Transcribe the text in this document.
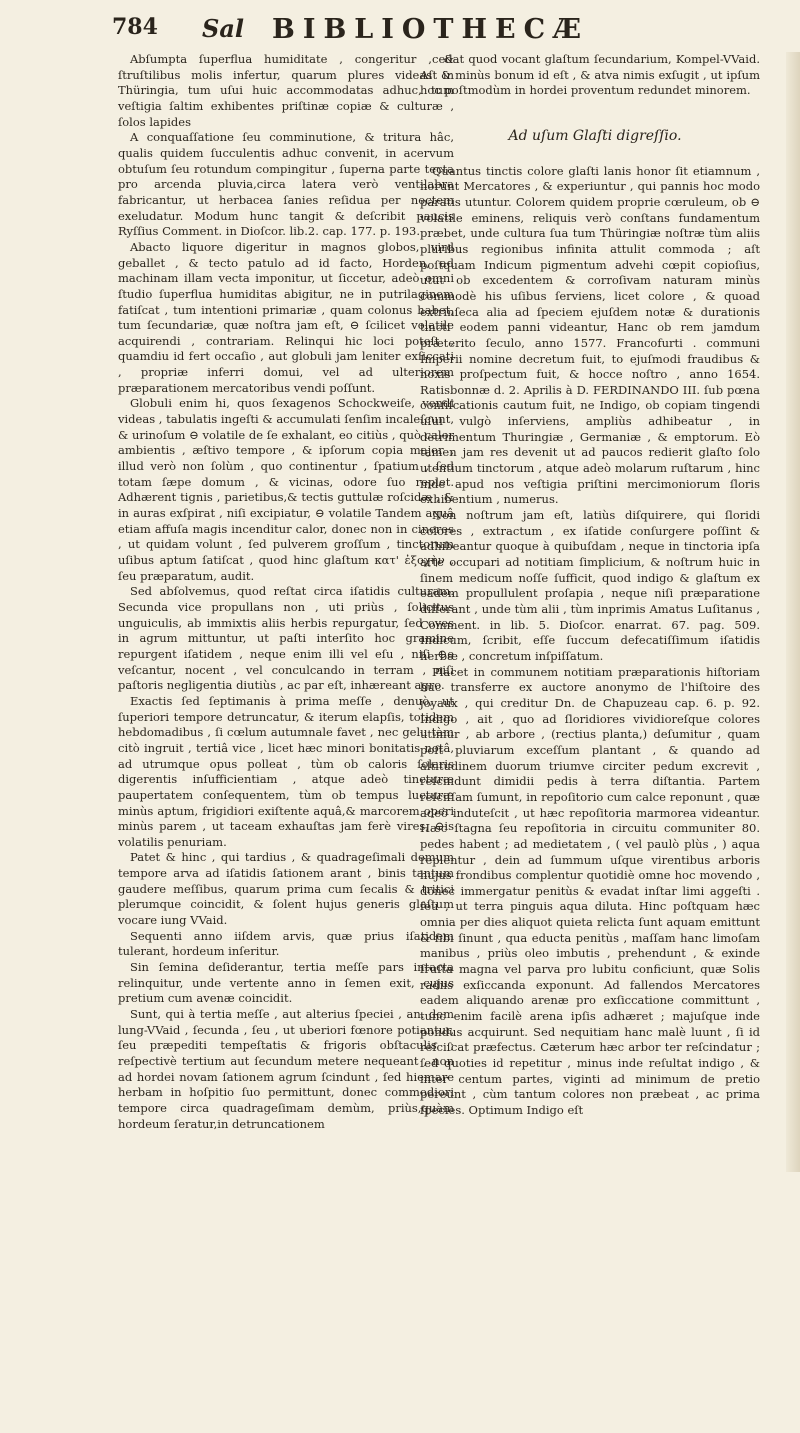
784 Sal BIBLIOTHECÆ

Abſumpta ſuperflua humiditate , congeritur , & ſtruſtilibus molis infertur, quarum plures videas in Thüringia, tum uſui huic accommodatas adhuc, tum veſtigia ſaltim exhibentes priſtinæ copiæ & culturæ , ſolos lapides

A conquaſſatione ſeu comminutione, & tritura hâc, qualis quidem ſucculentis adhuc convenit, in acervum obtuſum ſeu rotundum compingitur , ſuperna parte tecta pro arcenda pluvia,circa latera verò ventilabra fabricantur, ut herbacea ſanies reſidua per noctem exeludatur. Modum hunc tangit & deſcribit paucis Ryſſius Comment. in Dioſcor. lib.2. cap. 177. p. 193.

Abacto liquore digeritur in magnos globos, vird geballet , & tecto patulo ad id facto, Horden, ad machinam illam vecta imponitur, ut ſiccetur, adeò omni ſtudio ſuperflua humiditas abigitur, ne in putrilaginem fatiſcat , tum intentioni primariæ , quam colonus habet, tum ſecundariæ, quæ noſtra jam eſt, ⊖ ſcilicet volatile acquirendi , contrariam. Relinqui hic loci poteſt , quamdiu id fert occaſio , aut globuli jam leniter exſiccati , propriæ inferri domui, vel ad ulteriorem præparationem mercatoribus vendi poſſunt.

Globuli enim hi, quos ſexagenos Schockweiſe, vendi videas , tabulatis ingeſti & accumulati ſenſim incaleſcunt, & urinoſum ⊖ volatile de ſe exhalant, eo citiùs , quò calor ambientis , æſtivo tempore , & ipſorum copia major , illud verò non ſolùm , quo continentur , ſpatium , ſed totam ſæpe domum , & vicinas, odore ſuo replet. Adhærent tignis , parietibus,& tectis guttulæ roſcidæ , & in auras exſpirat , niſi excipiatur, ⊖ volatile Tandem aquâ etiam affuſa magis incenditur calor, donec non in cineres , ut quidam volunt , ſed pulverem groſſum , tinctorum uſibus aptum ſatiſcat , quod hinc glaſtum κατ' ἐξοχὴν , ſeu præparatum, audit.

Sed abſolvemus, quod reſtat circa iſatidis culturam. Secunda vice propullans non , uti priùs , ſolicitus unguiculis, ab immixtis aliis herbis repurgatur, ſed oves in agrum mittuntur, ut paſti interſito hoc gramine repurgent iſatidem , neque enim illi vel eſu , niſi ⊖e veſcantur, nocent , vel conculcando in terram , niſi paſtoris negligentia diutiùs , ac par eſt, inhæreant agro.

Exactis ſed ſeptimanis à prima meſſe , denuò, ut ſuperiori tempore detruncatur, & iterum elapſis, totidem hebdomadibus , ſi cœlum autumnale favet , nec gelu tàm citò ingruit , tertiâ vice , licet hæc minori bonitatis notâ, ad utrumque opus polleat , tùm ob caloris ſolaris digerentis inſufficientiam , atque adeò tincturæ paupertatem conſequentem, tùm ob tempus lucturæ minùs aptum, frigidiori exiſtente aquâ,& marcorem operi minùs parem , ut taceam exhauſtas jam ferè vires, ⊖is volatilis penuriam.

Patet & hinc , qui tardius , & quadrageſimali demum tempore arva ad iſatidis ſationem arant , binis tantum gaudere meſſibus, quarum prima cum ſecalis & tritici plerumque coincidit, & ſolent hujus generis glaſtum vocare iung VVaid.

Sequenti anno iiſdem arvis, quæ prius iſatidem tulerant, hordeum inſeritur.

Sin ſemina deſiderantur, tertia meſſe pars intacta relinquitur, unde vertente anno in ſemen exit, cujus pretium cum avenæ coincidit.

Sunt, qui à tertia meſſe , aut alterius ſpeciei , an. dem lung-VVaid , ſecunda , ſeu , ut uberiori fœnore potiantur, ſeu præpediti tempeſtatis & frigoris obſtaculis ; reſpectivè tertium aut ſecundum metere nequeant , non ad hordei novam ſationem agrum ſcindunt , ſed hiemare herbam in hoſpitio ſuo permittunt, donec commodiori tempore circa quadrageſimam demùm, priùs,quàm hordeum ſeratur,in detruncationem

cedat quod vocant glaſtum ſecundarium, Kompel-VVaid. Aſt & minùs bonum id eſt , & atva nimis exſugit , ut ipſum hoc poſtmodùm in hordei proventum redundet minorem.

Ad uſum Glaſti digreſſio.

Quantus tinctis colore glaſti lanis honor ſit etiamnum , norunt Mercatores , & experiuntur , qui pannis hoc modo paratis utuntur. Colorem quidem proprie cœruleum, ob ⊖ volatile eminens, reliquis verò conſtans fundamentum præbet, unde cultura ſua tum Thüringiæ noſtræ tùm aliis pluribus regionibus infinita attulit commoda ; aſt poſtquam Indicum pigmentum advehi cœpit copioſius, utut ob excedentem & corroſivam naturam minùs commodè his uſibus ſerviens, licet colore , & quoad extrinſeca alia ad ſpeciem ejuſdem notæ & durationis tincti eodem panni videantur, Hanc ob rem jamdum præterito ſeculo, anno 1577. Francofurti . communi Imperii nomine decretum fuit, to ejuſmodi fraudibus & noxis proſpectum fuit, & hocce noſtro , anno 1654. Ratisbonnæ d. 2. Aprilis à D. FERDINANDO III. ſub pœna confiſcationis cautum fuit, ne Indigo, ob copiam tingendi uſui vulgò inſerviens, ampliùs adhibeatur , in detrimentum Thuringiæ , Germaniæ , & emptorum. Eò tamen jam res devenit ut ad paucos redierit glaſto ſolo utentium tinctorum , atque adeò molarum ruſtarum , hinc inde apud nos veſtigia priſtini mercimoniorum ſloris exhibentium , numerus.

Non noſtrum jam eſt, latiùs diſquirere, qui ſloridi colores , extractum , ex iſatide conſurgere poſſint & adhibeantur quoque à quibuſdam , neque in tinctoria ipſa arte occupari ad notitiam ſimplicium, & noſtrum huic in ſinem medicum noſſe ſufficit, quod indigo & glaſtum ex eadem propullulent proſapia , neque niſi præparatione differant , unde tùm alii , tùm inprimis Amatus Luſitanus , Comment. in lib. 5. Dioſcor. enarrat. 67. pag. 509. Indicum, ſcribit, eſſe ſuccum defecatiſſimum iſatidis herbæ , concretum inſpiſſatum.

Placet in communem notitiam præparationis hiſtoriam huc transferre ex auctore anonymo de l'hiſtoire des joyaux , qui creditur Dn. de Chapuzeau cap. 6. p. 92. Indigo , ait , quo ad ſloridiores vividioreſque colores utimur , ab arbore , (rectius planta,) deſumitur , quam poſt pluviarum exceſſum plantant , & quando ad altitudinem duorum triumve circiter pedum excrevit , reſcindunt dimidii pedis à terra diſtantia. Partem reſciſſam ſumunt, in repoſitorio cum calce reponunt , quæ adeò induteſcit , ut hæc repoſitoria marmorea videantur. Hæc ſtagna ſeu repoſitoria in circuitu communiter 80. pedes habent ; ad medietatem , ( vel paulò plùs , ) aqua replentur , dein ad ſummum uſque virentibus arboris hujus frondibus complentur quotidiè omne hoc movendo , donec immergatur penitùs & evadat inſtar limi aggeſti . ſeu , ut terra pinguis aqua diluta. Hinc poſtquam hæc omnia per dies aliquot quieta relicta ſunt aquam emittunt & ſibi ſinunt , qua educta penitùs , maſſam hanc limoſam manibus , priùs oleo imbutis , prehendunt , & exinde ſruſta magna vel parva pro lubitu conficiunt, quæ Solis radiis exſiccanda exponunt. Ad fallendos Mercatores eadem aliquando arenæ pro exſiccatione committunt , tunc enim facilè arena ipſis adhæret ; majuſque inde pondus acquirunt. Sed nequitiam hanc malè luunt , ſi id reſciſcat præfectus. Cæterum hæc arbor ter reſcindatur ; ſed quoties id repetitur , minus inde reſultat indigo , & inter centum partes, viginti ad minimum de pretio pereunt , cùm tantum colores non præbeat , ac prima ſpecies. Optimum Indigo eſt
